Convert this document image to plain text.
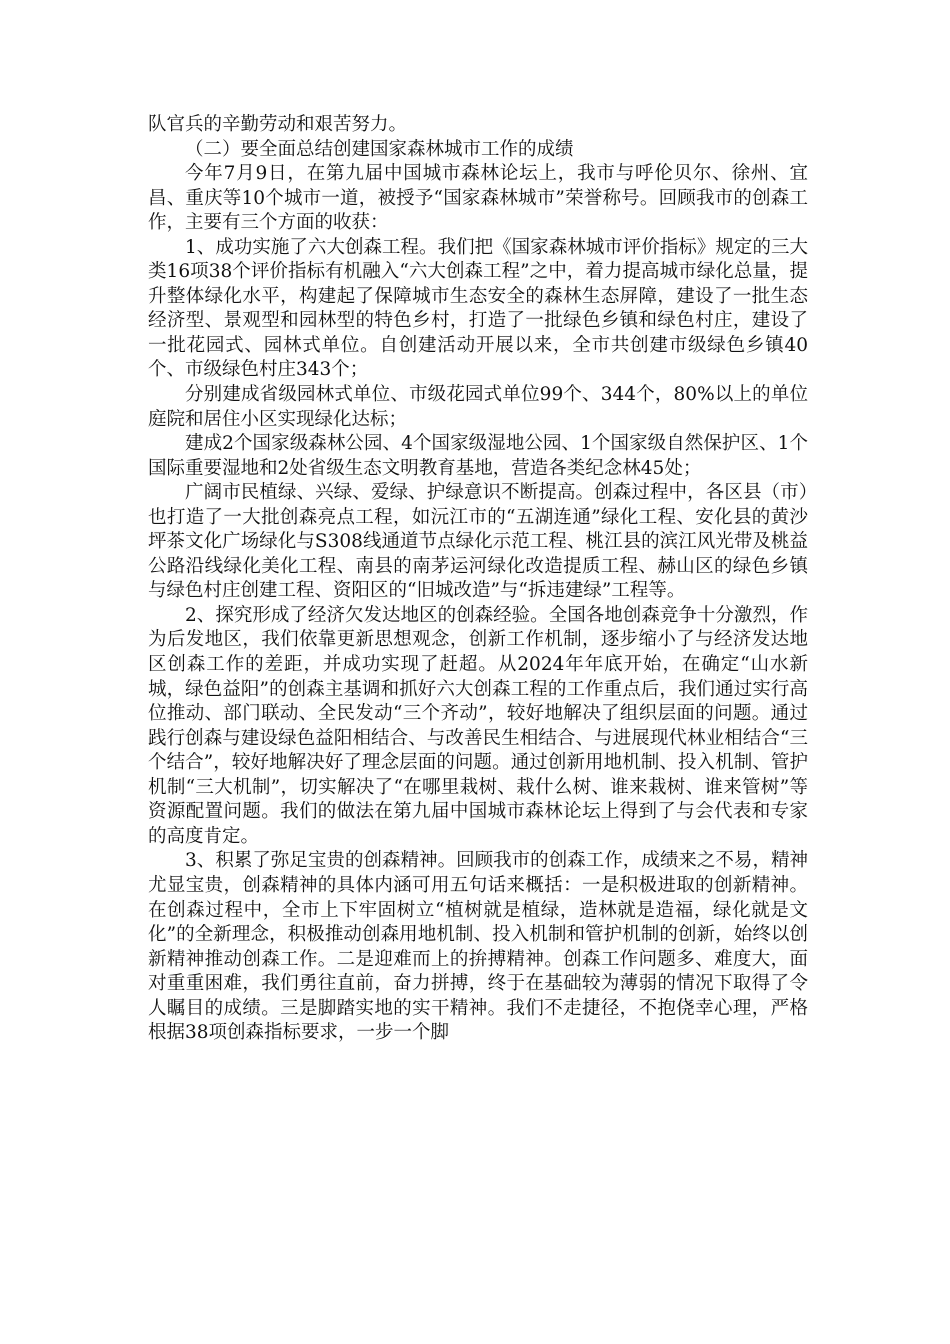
队官兵的辛勤劳动和艰苦努力。

（二）要全面总结创建国家森林城市工作的成绩

今年7月9日，在第九届中国城市森林论坛上，我市与呼伦贝尔、徐州、宜昌、重庆等10个城市一道，被授予“国家森林城市”荣誉称号。回顾我市的创森工作，主要有三个方面的收获：

1、成功实施了六大创森工程。我们把《国家森林城市评价指标》规定的三大类16项38个评价指标有机融入“六大创森工程”之中，着力提高城市绿化总量，提升整体绿化水平，构建起了保障城市生态安全的森林生态屏障，建设了一批生态经济型、景观型和园林型的特色乡村，打造了一批绿色乡镇和绿色村庄，建设了一批花园式、园林式单位。自创建活动开展以来，全市共创建市级绿色乡镇40个、市级绿色村庄343个；

分别建成省级园林式单位、市级花园式单位99个、344个，80%以上的单位庭院和居住小区实现绿化达标；

建成2个国家级森林公园、4个国家级湿地公园、1个国家级自然保护区、1个国际重要湿地和2处省级生态文明教育基地，营造各类纪念林45处；

广阔市民植绿、兴绿、爱绿、护绿意识不断提高。创森过程中，各区县（市）也打造了一大批创森亮点工程，如沅江市的“五湖连通”绿化工程、安化县的黄沙坪茶文化广场绿化与S308线通道节点绿化示范工程、桃江县的滨江风光带及桃益公路沿线绿化美化工程、南县的南茅运河绿化改造提质工程、赫山区的绿色乡镇与绿色村庄创建工程、资阳区的“旧城改造”与“拆违建绿”工程等。

2、探究形成了经济欠发达地区的创森经验。全国各地创森竞争十分激烈，作为后发地区，我们依靠更新思想观念，创新工作机制，逐步缩小了与经济发达地区创森工作的差距，并成功实现了赶超。从2024年年底开始，在确定“山水新城，绿色益阳”的创森主基调和抓好六大创森工程的工作重点后，我们通过实行高位推动、部门联动、全民发动“三个齐动”，较好地解决了组织层面的问题。通过践行创森与建设绿色益阳相结合、与改善民生相结合、与进展现代林业相结合“三个结合”，较好地解决好了理念层面的问题。通过创新用地机制、投入机制、管护机制“三大机制”，切实解决了“在哪里栽树、栽什么树、谁来栽树、谁来管树”等资源配置问题。我们的做法在第九届中国城市森林论坛上得到了与会代表和专家的高度肯定。

3、积累了弥足宝贵的创森精神。回顾我市的创森工作，成绩来之不易，精神尤显宝贵，创森精神的具体内涵可用五句话来概括：一是积极进取的创新精神。在创森过程中，全市上下牢固树立“植树就是植绿，造林就是造福，绿化就是文化”的全新理念，积极推动创森用地机制、投入机制和管护机制的创新，始终以创新精神推动创森工作。二是迎难而上的拚搏精神。创森工作问题多、难度大，面对重重困难，我们勇往直前，奋力拼搏，终于在基础较为薄弱的情况下取得了令人瞩目的成绩。三是脚踏实地的实干精神。我们不走捷径，不抱侥幸心理，严格根据38项创森指标要求，一步一个脚
